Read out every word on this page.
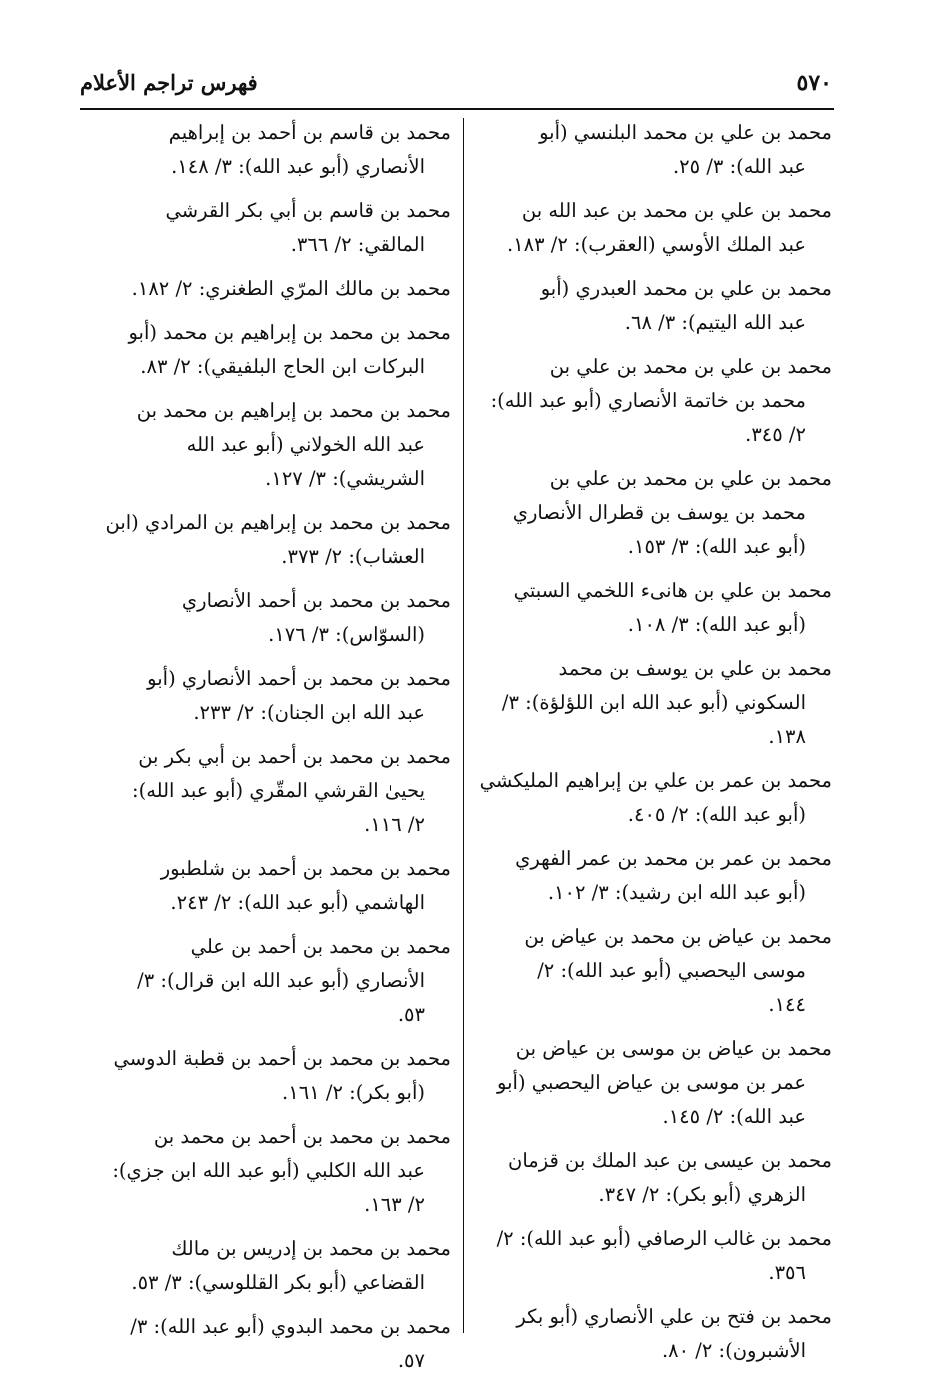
٥٧٠
فهرس تراجم الأعلام
محمد بن علي بن محمد البلنسي (أبو
عبد الله): ٣/ ٢٥.
محمد بن علي بن محمد بن عبد الله بن
عبد الملك الأوسي (العقرب): ٢/ ١٨٣.
محمد بن علي بن محمد العبدري (أبو
عبد الله اليتيم): ٣/ ٦٨.
محمد بن علي بن محمد بن علي بن
محمد بن خاتمة الأنصاري (أبو عبد الله):
٢/ ٣٤٥.
محمد بن علي بن محمد بن علي بن
محمد بن يوسف بن قطرال الأنصاري
(أبو عبد الله): ٣/ ١٥٣.
محمد بن علي بن هانىء اللخمي السبتي
(أبو عبد الله): ٣/ ١٠٨.
محمد بن علي بن يوسف بن محمد
السكوني (أبو عبد الله ابن اللؤلؤة): ٣/
١٣٨.
محمد بن عمر بن علي بن إبراهيم المليكشي
(أبو عبد الله): ٢/ ٤٠٥.
محمد بن عمر بن محمد بن عمر الفهري
(أبو عبد الله ابن رشيد): ٣/ ١٠٢.
محمد بن عياض بن محمد بن عياض بن
موسى اليحصبي (أبو عبد الله): ٢/
١٤٤.
محمد بن عياض بن موسى بن عياض بن
عمر بن موسى بن عياض اليحصبي (أبو
عبد الله): ٢/ ١٤٥.
محمد بن عيسى بن عبد الملك بن قزمان
الزهري (أبو بكر): ٢/ ٣٤٧.
محمد بن غالب الرصافي (أبو عبد الله): ٢/
٣٥٦.
محمد بن فتح بن علي الأنصاري (أبو بكر
الأشبرون): ٢/ ٨٠.
محمد بن قاسم بن أحمد بن إبراهيم
الأنصاري (أبو عبد الله): ٣/ ١٤٨.
محمد بن قاسم بن أبي بكر القرشي
المالقي: ٢/ ٣٦٦.
محمد بن مالك المرّي الطغنري: ٢/ ١٨٢.
محمد بن محمد بن إبراهيم بن محمد (أبو
البركات ابن الحاج البلفيقي): ٢/ ٨٣.
محمد بن محمد بن إبراهيم بن محمد بن
عبد الله الخولاني (أبو عبد الله
الشريشي): ٣/ ١٢٧.
محمد بن محمد بن إبراهيم بن المرادي (ابن
العشاب): ٢/ ٣٧٣.
محمد بن محمد بن أحمد الأنصاري
(السوّاس): ٣/ ١٧٦.
محمد بن محمد بن أحمد الأنصاري (أبو
عبد الله ابن الجنان): ٢/ ٢٣٣.
محمد بن محمد بن أحمد بن أبي بكر بن
يحيىٰ القرشي المقّري (أبو عبد الله):
٢/ ١١٦.
محمد بن محمد بن أحمد بن شلطبور
الهاشمي (أبو عبد الله): ٢/ ٢٤٣.
محمد بن محمد بن أحمد بن علي
الأنصاري (أبو عبد الله ابن قرال): ٣/
٥٣.
محمد بن محمد بن أحمد بن قطبة الدوسي
(أبو بكر): ٢/ ١٦١.
محمد بن محمد بن أحمد بن محمد بن
عبد الله الكلبي (أبو عبد الله ابن جزي):
٢/ ١٦٣.
محمد بن محمد بن إدريس بن مالك
القضاعي (أبو بكر القللوسي): ٣/ ٥٣.
محمد بن محمد البدوي (أبو عبد الله): ٣/
٥٧.
